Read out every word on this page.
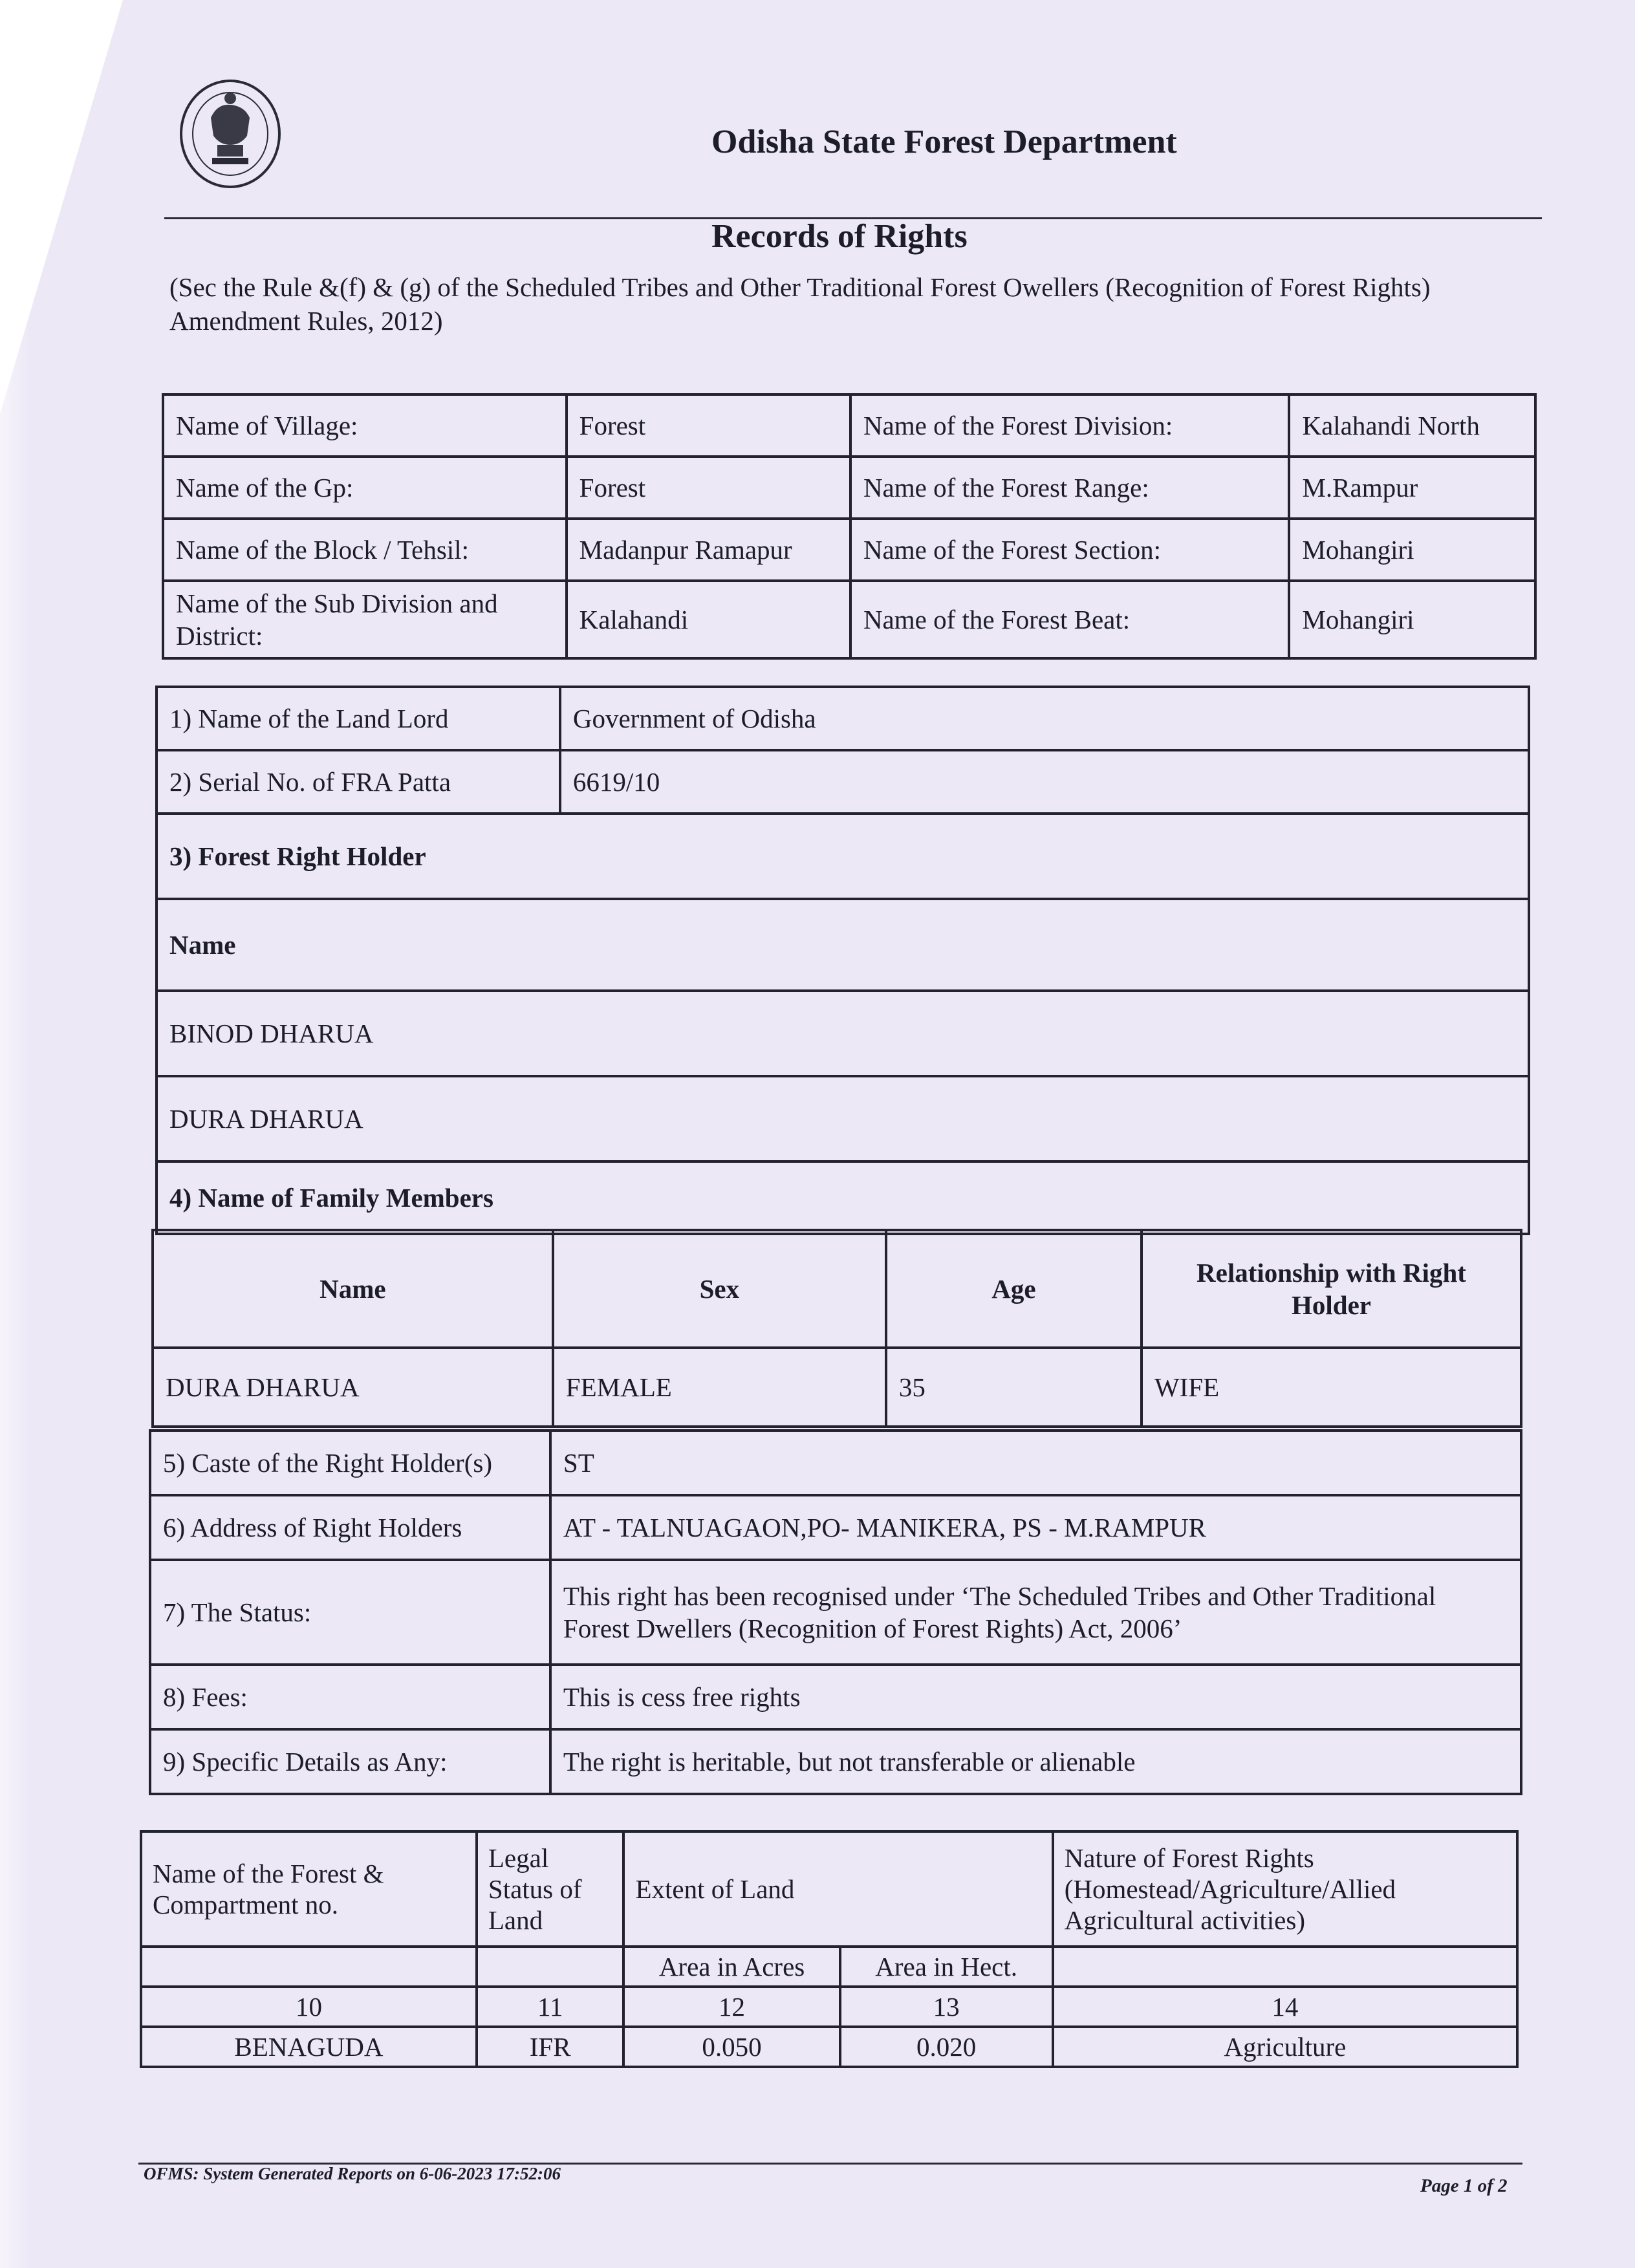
Odisha State Forest Department
Records of Rights
(Sec the Rule &(f) & (g) of the Scheduled Tribes and Other Traditional Forest Owellers (Recognition of Forest Rights) Amendment Rules, 2012)
Name of Village:	Forest	Name of the Forest Division:	Kalahandi North
Name of the Gp:	Forest	Name of the Forest Range:	M.Rampur
Name of the Block / Tehsil:	Madanpur Ramapur	Name of the Forest Section:	Mohangiri
Name of the Sub Division and District:	Kalahandi	Name of the Forest Beat:	Mohangiri
1) Name of the Land Lord	Government of Odisha
2) Serial No. of FRA Patta	6619/10
3) Forest Right Holder	
Name	
BINOD DHARUA	
DURA DHARUA	
4) Name of Family Members	
Name	Sex	Age	Relationship with Right Holder
DURA DHARUA	FEMALE	35	WIFE
5) Caste of the Right Holder(s)	ST
6) Address of Right Holders	AT - TALNUAGAON,PO- MANIKERA, PS - M.RAMPUR
7) The Status:	This right has been recognised under ‘The Scheduled Tribes and Other Traditional
Forest Dwellers (Recognition of Forest Rights) Act, 2006’

8) Fees:	This is cess free rights
9) Specific Details as Any:	The right is heritable, but not transferable or alienable
Name of the Forest & Compartment no.	Legal Status of Land	Extent of Land		Nature of Forest Rights (Homestead/Agriculture/Allied Agricultural activities)
		Area in Acres	Area in Hect.	
10	11	12	13	14
BENAGUDA	IFR	0.050	0.020	Agriculture
OFMS: System Generated Reports on 6-06-2023 17:52:06
Page 1 of 2
